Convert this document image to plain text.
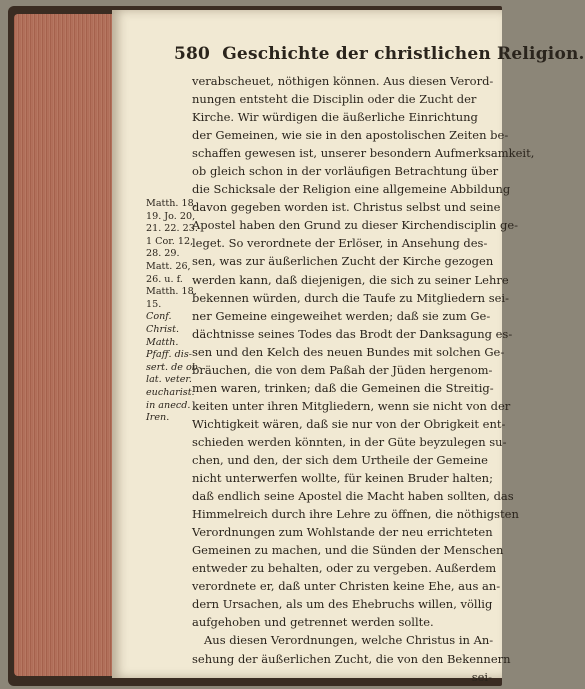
580 Geschichte der christlichen Religion.
Matth. 18,
19. Jo. 20,
21. 22. 23.
1 Cor. 12,
28. 29.
Matt. 26,
26. u. f.
Matth. 18,
15.
Conf.
Christ.
Matth.
Pfaff. dis-
sert. de ob-
lat. veter.
eucharist.
in anecd.
Iren.
verabscheuet, nöthigen können. Aus diesen Verord-
nungen entsteht die Disciplin oder die Zucht der
Kirche. Wir würdigen die äußerliche Einrichtung
der Gemeinen, wie sie in den apostolischen Zeiten be-
schaffen gewesen ist, unserer besondern Aufmerksamkeit,
ob gleich schon in der vorläufigen Betrachtung über
die Schicksale der Religion eine allgemeine Abbildung
davon gegeben worden ist. Christus selbst und seine
Apostel haben den Grund zu dieser Kirchendisciplin ge-
leget. So verordnete der Erlöser, in Ansehung des-
sen, was zur äußerlichen Zucht der Kirche gezogen
werden kann, daß diejenigen, die sich zu seiner Lehre
bekennen würden, durch die Taufe zu Mitgliedern sei-
ner Gemeine eingeweihet werden; daß sie zum Ge-
dächtnisse seines Todes das Brodt der Danksagung es-
sen und den Kelch des neuen Bundes mit solchen Ge-
bräuchen, die von dem Paßah der Jüden hergenom-
men waren, trinken; daß die Gemeinen die Streitig-
keiten unter ihren Mitgliedern, wenn sie nicht von der
Wichtigkeit wären, daß sie nur von der Obrigkeit ent-
schieden werden könnten, in der Güte beyzulegen su-
chen, und den, der sich dem Urtheile der Gemeine
nicht unterwerfen wollte, für keinen Bruder halten;
daß endlich seine Apostel die Macht haben sollten, das
Himmelreich durch ihre Lehre zu öffnen, die nöthigsten
Verordnungen zum Wohlstande der neu errichteten
Gemeinen zu machen, und die Sünden der Menschen
entweder zu behalten, oder zu vergeben. Außerdem
verordnete er, daß unter Christen keine Ehe, aus an-
dern Ursachen, als um des Ehebruchs willen, völlig
aufgehoben und getrennet werden sollte.
Aus diesen Verordnungen, welche Christus in An-
sehung der äußerlichen Zucht, die von den Bekennern
sei-
